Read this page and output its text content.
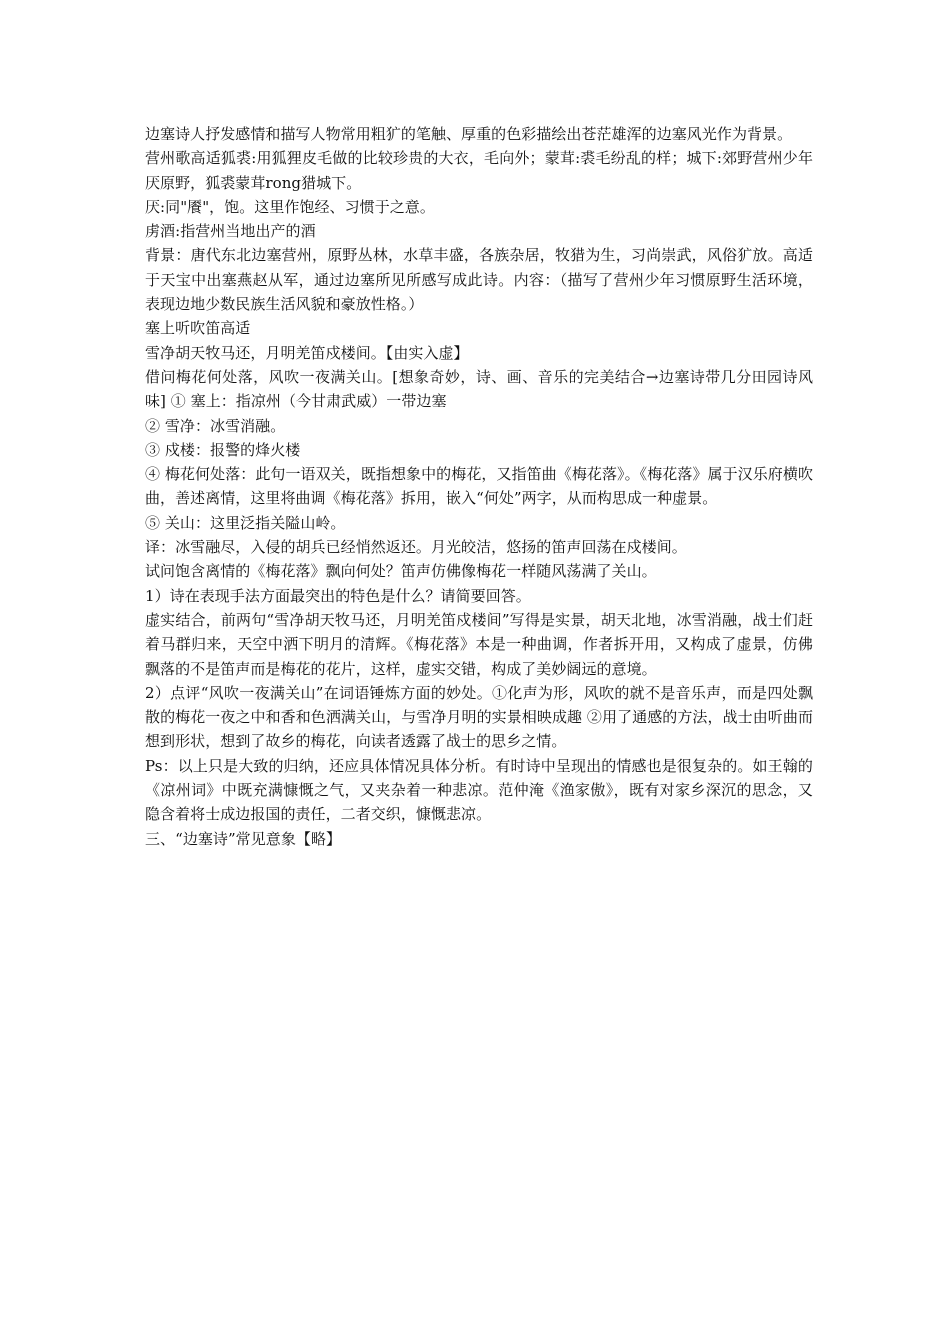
边塞诗人抒发感情和描写人物常用粗犷的笔触、厚重的色彩描绘出苍茫雄浑的边塞风光作为背景。

营州歌高适狐裘:用狐狸皮毛做的比较珍贵的大衣，毛向外；蒙茸:裘毛纷乱的样；城下:郊野营州少年厌原野，狐裘蒙茸rong猎城下。

厌:同"餍"，饱。这里作饱经、习惯于之意。

虏酒:指营州当地出产的酒

背景：唐代东北边塞营州，原野丛林，水草丰盛，各族杂居，牧猎为生，习尚崇武，风俗犷放。高适于天宝中出塞燕赵从军，通过边塞所见所感写成此诗。内容：（描写了营州少年习惯原野生活环境，表现边地少数民族生活风貌和豪放性格。）

塞上听吹笛高适

雪净胡天牧马还，月明羌笛戍楼间。【由实入虚】

借问梅花何处落，风吹一夜满关山。[想象奇妙，诗、画、音乐的完美结合→边塞诗带几分田园诗风味] ① 塞上：指凉州（今甘肃武威）一带边塞

② 雪净：冰雪消融。

③ 戍楼：报警的烽火楼

④ 梅花何处落：此句一语双关，既指想象中的梅花，又指笛曲《梅花落》。《梅花落》属于汉乐府横吹曲，善述离情，这里将曲调《梅花落》拆用，嵌入“何处”两字，从而构思成一种虚景。

⑤ 关山：这里泛指关隘山岭。

译：冰雪融尽，入侵的胡兵已经悄然返还。月光皎洁，悠扬的笛声回荡在戍楼间。

试问饱含离情的《梅花落》飘向何处？笛声仿佛像梅花一样随风荡满了关山。

1）诗在表现手法方面最突出的特色是什么？请简要回答。

虚实结合，前两句“雪净胡天牧马还，月明羌笛戍楼间”写得是实景，胡天北地，冰雪消融，战士们赶着马群归来，天空中洒下明月的清辉。《梅花落》本是一种曲调，作者拆开用，又构成了虚景，仿佛飘落的不是笛声而是梅花的花片，这样，虚实交错，构成了美妙阔远的意境。

2）点评“风吹一夜满关山”在词语锤炼方面的妙处。①化声为形，风吹的就不是音乐声，而是四处飘散的梅花一夜之中和香和色洒满关山，与雪净月明的实景相映成趣 ②用了通感的方法，战士由听曲而想到形状，想到了故乡的梅花，向读者透露了战士的思乡之情。

Ps：以上只是大致的归纳，还应具体情况具体分析。有时诗中呈现出的情感也是很复杂的。如王翰的《凉州词》中既充满慷慨之气，又夹杂着一种悲凉。范仲淹《渔家傲》，既有对家乡深沉的思念，又隐含着将士成边报国的责任，二者交织，慷慨悲凉。

三、“边塞诗”常见意象【略】
